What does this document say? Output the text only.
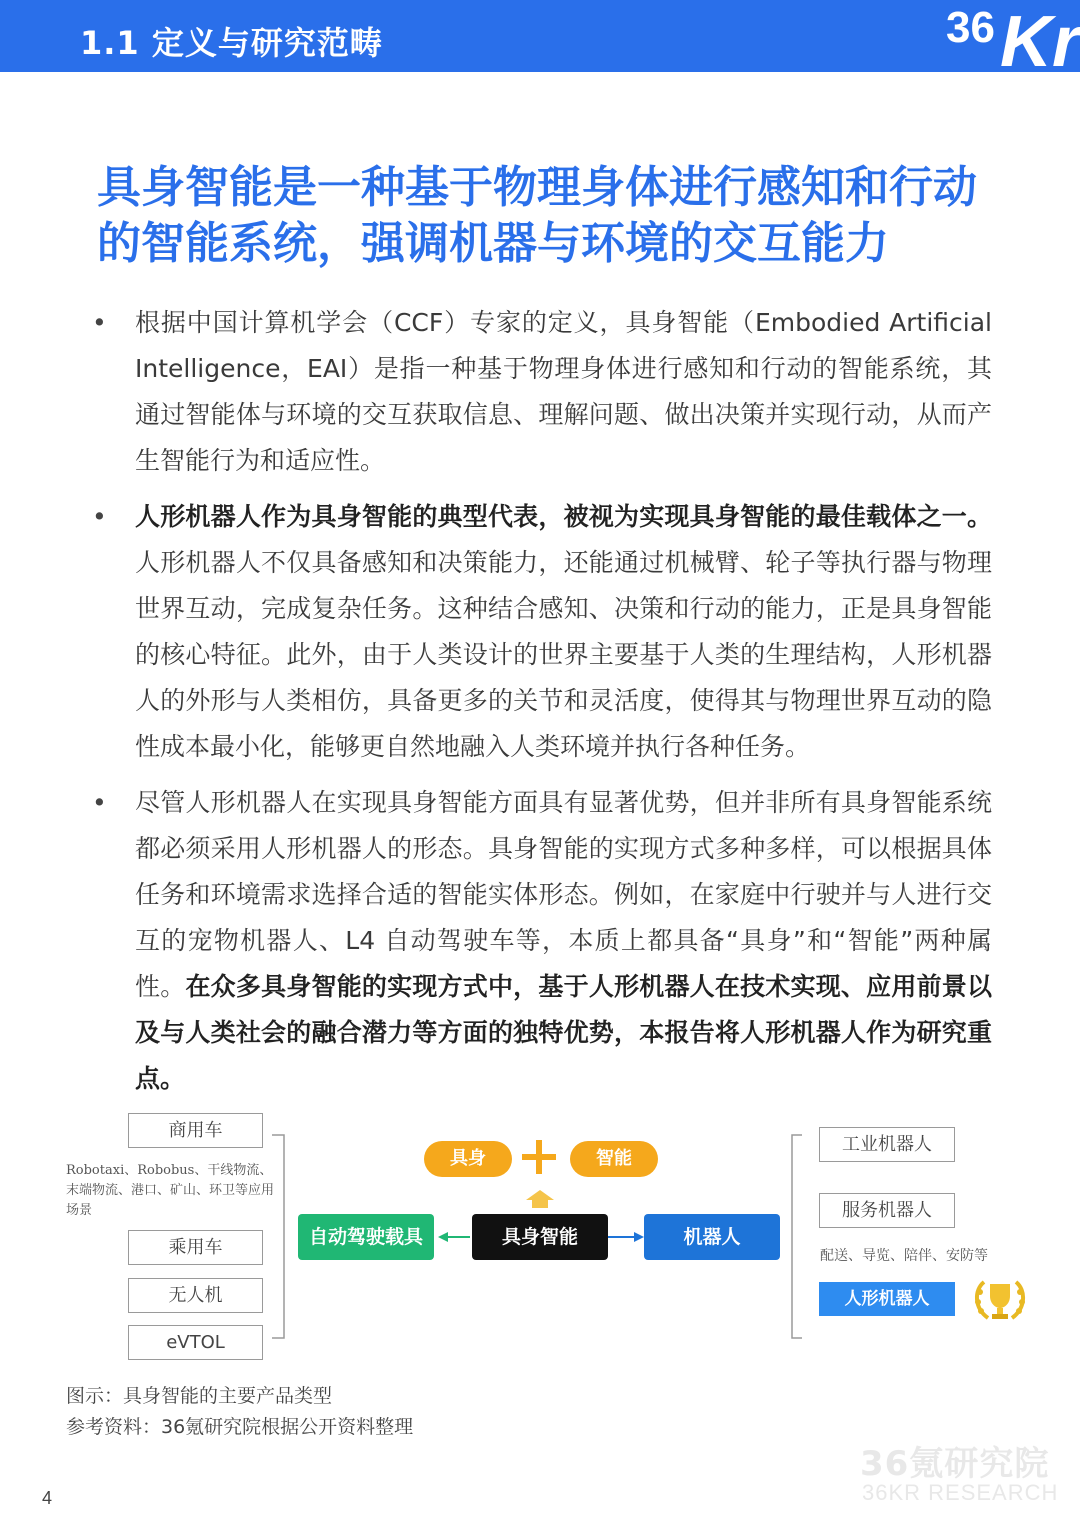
1.1 定义与研究范畴	36 Kr
具身智能是一种基于物理身体进行感知和行动
的智能系统，强调机器与环境的交互能力
• 根据中国计算机学会（CCF）专家的定义，具身智能（Embodied Artificial Intelligence，EAI）是指一种基于物理身体进行感知和行动的智能系统，其通过智能体与环境的交互获取信息、理解问题、做出决策并实现行动，从而产生智能行为和适应性。
• 人形机器人作为具身智能的典型代表，被视为实现具身智能的最佳载体之一。人形机器人不仅具备感知和决策能力，还能通过机械臂、轮子等执行器与物理世界互动，完成复杂任务。这种结合感知、决策和行动的能力，正是具身智能的核心特征。此外，由于人类设计的世界主要基于人类的生理结构，人形机器人的外形与人类相仿，具备更多的关节和灵活度，使得其与物理世界互动的隐性成本最小化，能够更自然地融入人类环境并执行各种任务。
• 尽管人形机器人在实现具身智能方面具有显著优势，但并非所有具身智能系统都必须采用人形机器人的形态。具身智能的实现方式多种多样，可以根据具体任务和环境需求选择合适的智能实体形态。例如，在家庭中行驶并与人进行交互的宠物机器人、L4 自动驾驶车等，本质上都具备“具身”和“智能”两种属性。在众多具身智能的实现方式中，基于人形机器人在技术实现、应用前景以及与人类社会的融合潜力等方面的独特优势，本报告将人形机器人作为研究重点。
商用车
Robotaxi、Robobus、干线物流、末端物流、港口、矿山、环卫等应用场景
乘用车
无人机
eVTOL
具身	智能
自动驾驶载具	具身智能	机器人
工业机器人
服务机器人
配送、导览、陪伴、安防等
人形机器人
图示：具身智能的主要产品类型
参考资料：36氪研究院根据公开资料整理
36氪研究院
36KR RESEARCH
4
